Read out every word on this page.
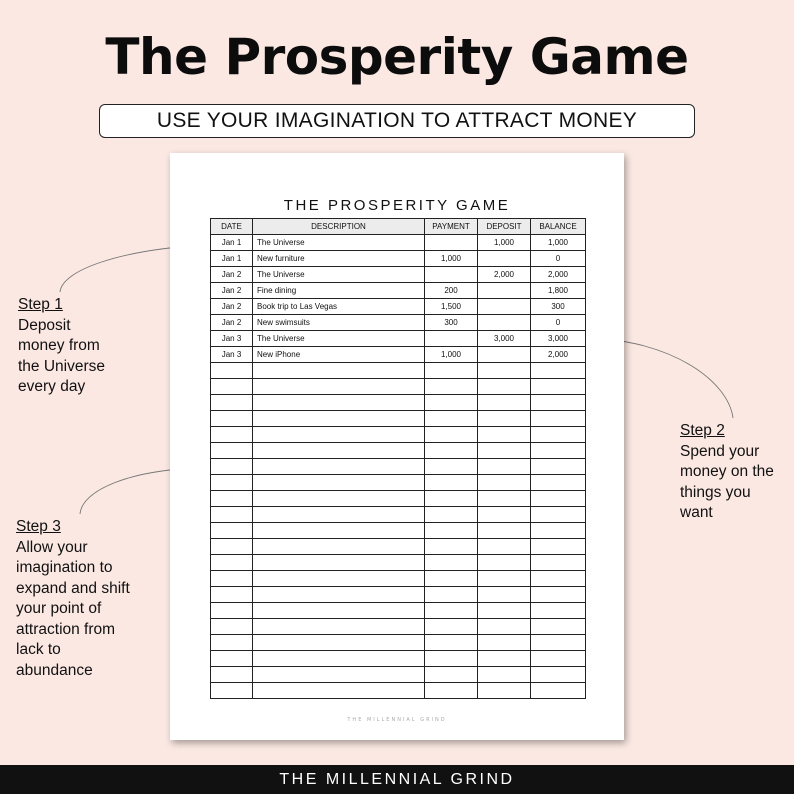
The Prosperity Game
USE YOUR IMAGINATION TO ATTRACT MONEY
THE PROSPERITY GAME
DATE	DESCRIPTION	PAYMENT	DEPOSIT	BALANCE
Jan 1	The Universe		1,000	1,000
Jan 1	New furniture	1,000		0
Jan 2	The Universe		2,000	2,000
Jan 2	Fine dining	200		1,800
Jan 2	Book trip to Las Vegas	1,500		300
Jan 2	New swimsuits	300		0
Jan 3	The Universe		3,000	3,000
Jan 3	New iPhone	1,000		2,000

THE MILLENNIAL GRIND
Step 1
Deposit
money from
the Universe
every day
Step 2
Spend your
money on the
things you
want
Step 3
Allow your
imagination to
expand and shift
your point of
attraction from
lack to
abundance
THE MILLENNIAL GRIND
